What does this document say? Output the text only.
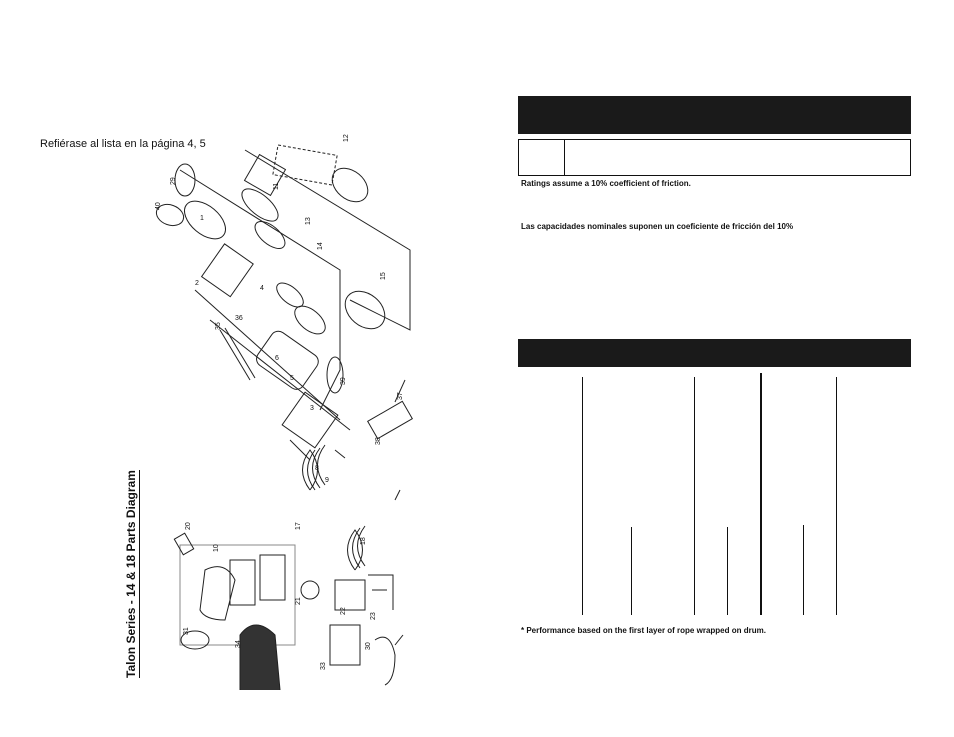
Refiérase al lista en la página 4, 5	12
11
13
14
15
29
40
1
2
35
36
4
6
5
3
8
9
39
37
38
17
18
20
10
21
22
23
31
34
33
30
Talon Series - 14 & 18 Parts Diagram
Ratings assume a 10% coefficient of friction.
Las capacidades nominales suponen un coeficiente de fricción del 10%
* Performance based on the first layer of rope wrapped on drum.
